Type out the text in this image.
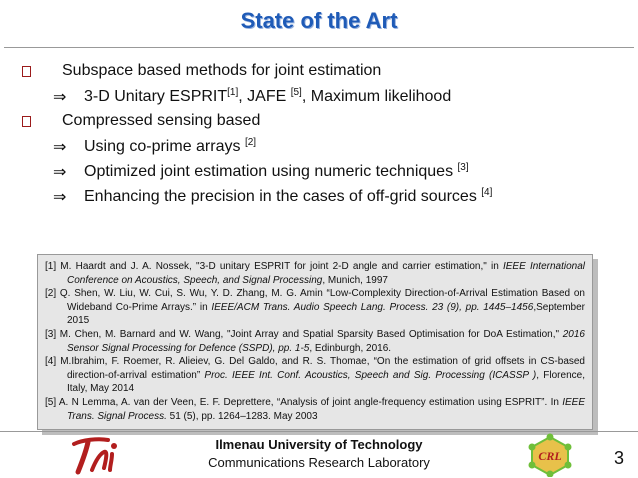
State of the Art
Subspace based methods for joint estimation
⇒ 3-D Unitary ESPRIT[1], JAFE [5], Maximum likelihood
Compressed sensing based
⇒ Using co-prime arrays [2]
⇒ Optimized joint estimation using numeric techniques [3]
⇒ Enhancing the precision in the cases of off-grid sources [4]
[1] M. Haardt and J. A. Nossek, "3-D unitary ESPRIT for joint 2-D angle and carrier estimation," in IEEE International Conference on Acoustics, Speech, and Signal Processing, Munich, 1997
[2] Q. Shen, W. Liu, W. Cui, S. Wu, Y. D. Zhang, M. G. Amin “Low-Complexity Direction-of-Arrival Estimation Based on Wideband Co-Prime Arrays.” in IEEE/ACM Trans. Audio Speech Lang. Process. 23 (9), pp. 1445–1456,September 2015
[3] M. Chen, M. Barnard and W. Wang, "Joint Array and Spatial Sparsity Based Optimisation for DoA Estimation," 2016 Sensor Signal Processing for Defence (SSPD), pp. 1-5, Edinburgh, 2016.
[4] M.Ibrahim, F. Roemer, R. Alieiev, G. Del Galdo, and R. S. Thomae, “On the estimation of grid offsets in CS-based direction-of-arrival estimation” Proc. IEEE Int. Conf. Acoustics, Speech and Sig. Processing (ICASSP ), Florence, Italy, May 2014
[5] A. N Lemma, A. van der Veen, E. F. Deprettere, “Analysis of joint angle-frequency estimation using ESPRIT”. In IEEE Trans. Signal Process. 51 (5), pp. 1264–1283. May 2003
Ilmenau University of Technology
Communications Research Laboratory	CRL	3
